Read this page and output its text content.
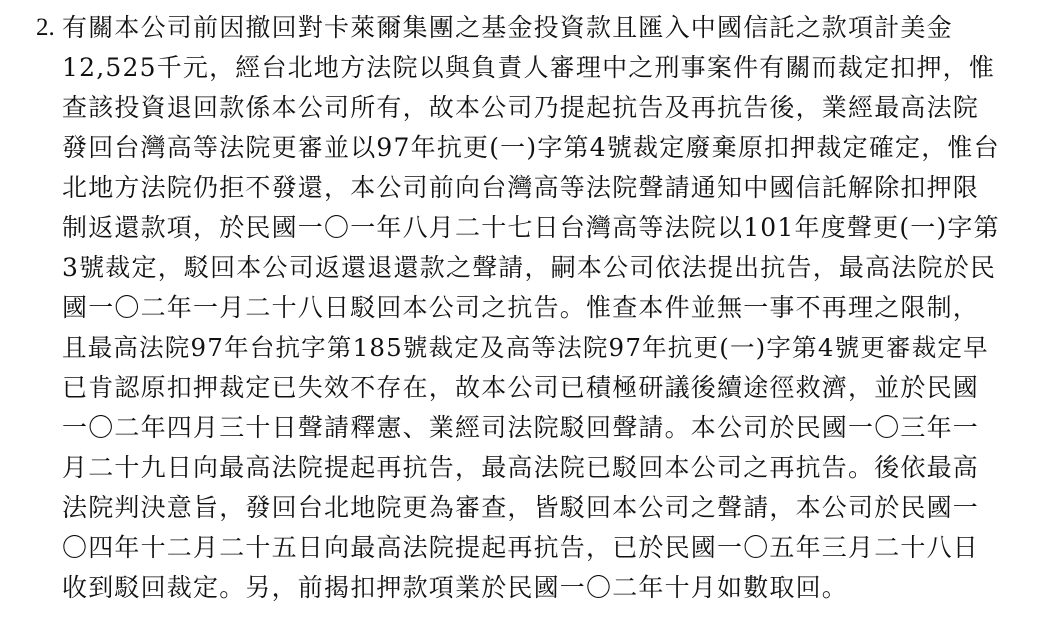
2. 有關本公司前因撤回對卡萊爾集團之基金投資款且匯入中國信託之款項計美金
12,525千元，經台北地方法院以與負責人審理中之刑事案件有關而裁定扣押，惟
查該投資退回款係本公司所有，故本公司乃提起抗告及再抗告後，業經最高法院
發回台灣高等法院更審並以97年抗更(一)字第4號裁定廢棄原扣押裁定確定，惟台
北地方法院仍拒不發還，本公司前向台灣高等法院聲請通知中國信託解除扣押限
制返還款項，於民國一〇一年八月二十七日台灣高等法院以101年度聲更(一)字第
3號裁定，駁回本公司返還退還款之聲請，嗣本公司依法提出抗告，最高法院於民
國一〇二年一月二十八日駁回本公司之抗告。惟查本件並無一事不再理之限制，
且最高法院97年台抗字第185號裁定及高等法院97年抗更(一)字第4號更審裁定早
已肯認原扣押裁定已失效不存在，故本公司已積極研議後續途徑救濟，並於民國
一〇二年四月三十日聲請釋憲、業經司法院駁回聲請。本公司於民國一〇三年一
月二十九日向最高法院提起再抗告，最高法院已駁回本公司之再抗告。後依最高
法院判決意旨，發回台北地院更為審查，皆駁回本公司之聲請，本公司於民國一
〇四年十二月二十五日向最高法院提起再抗告，已於民國一〇五年三月二十八日
收到駁回裁定。另，前揭扣押款項業於民國一〇二年十月如數取回。
